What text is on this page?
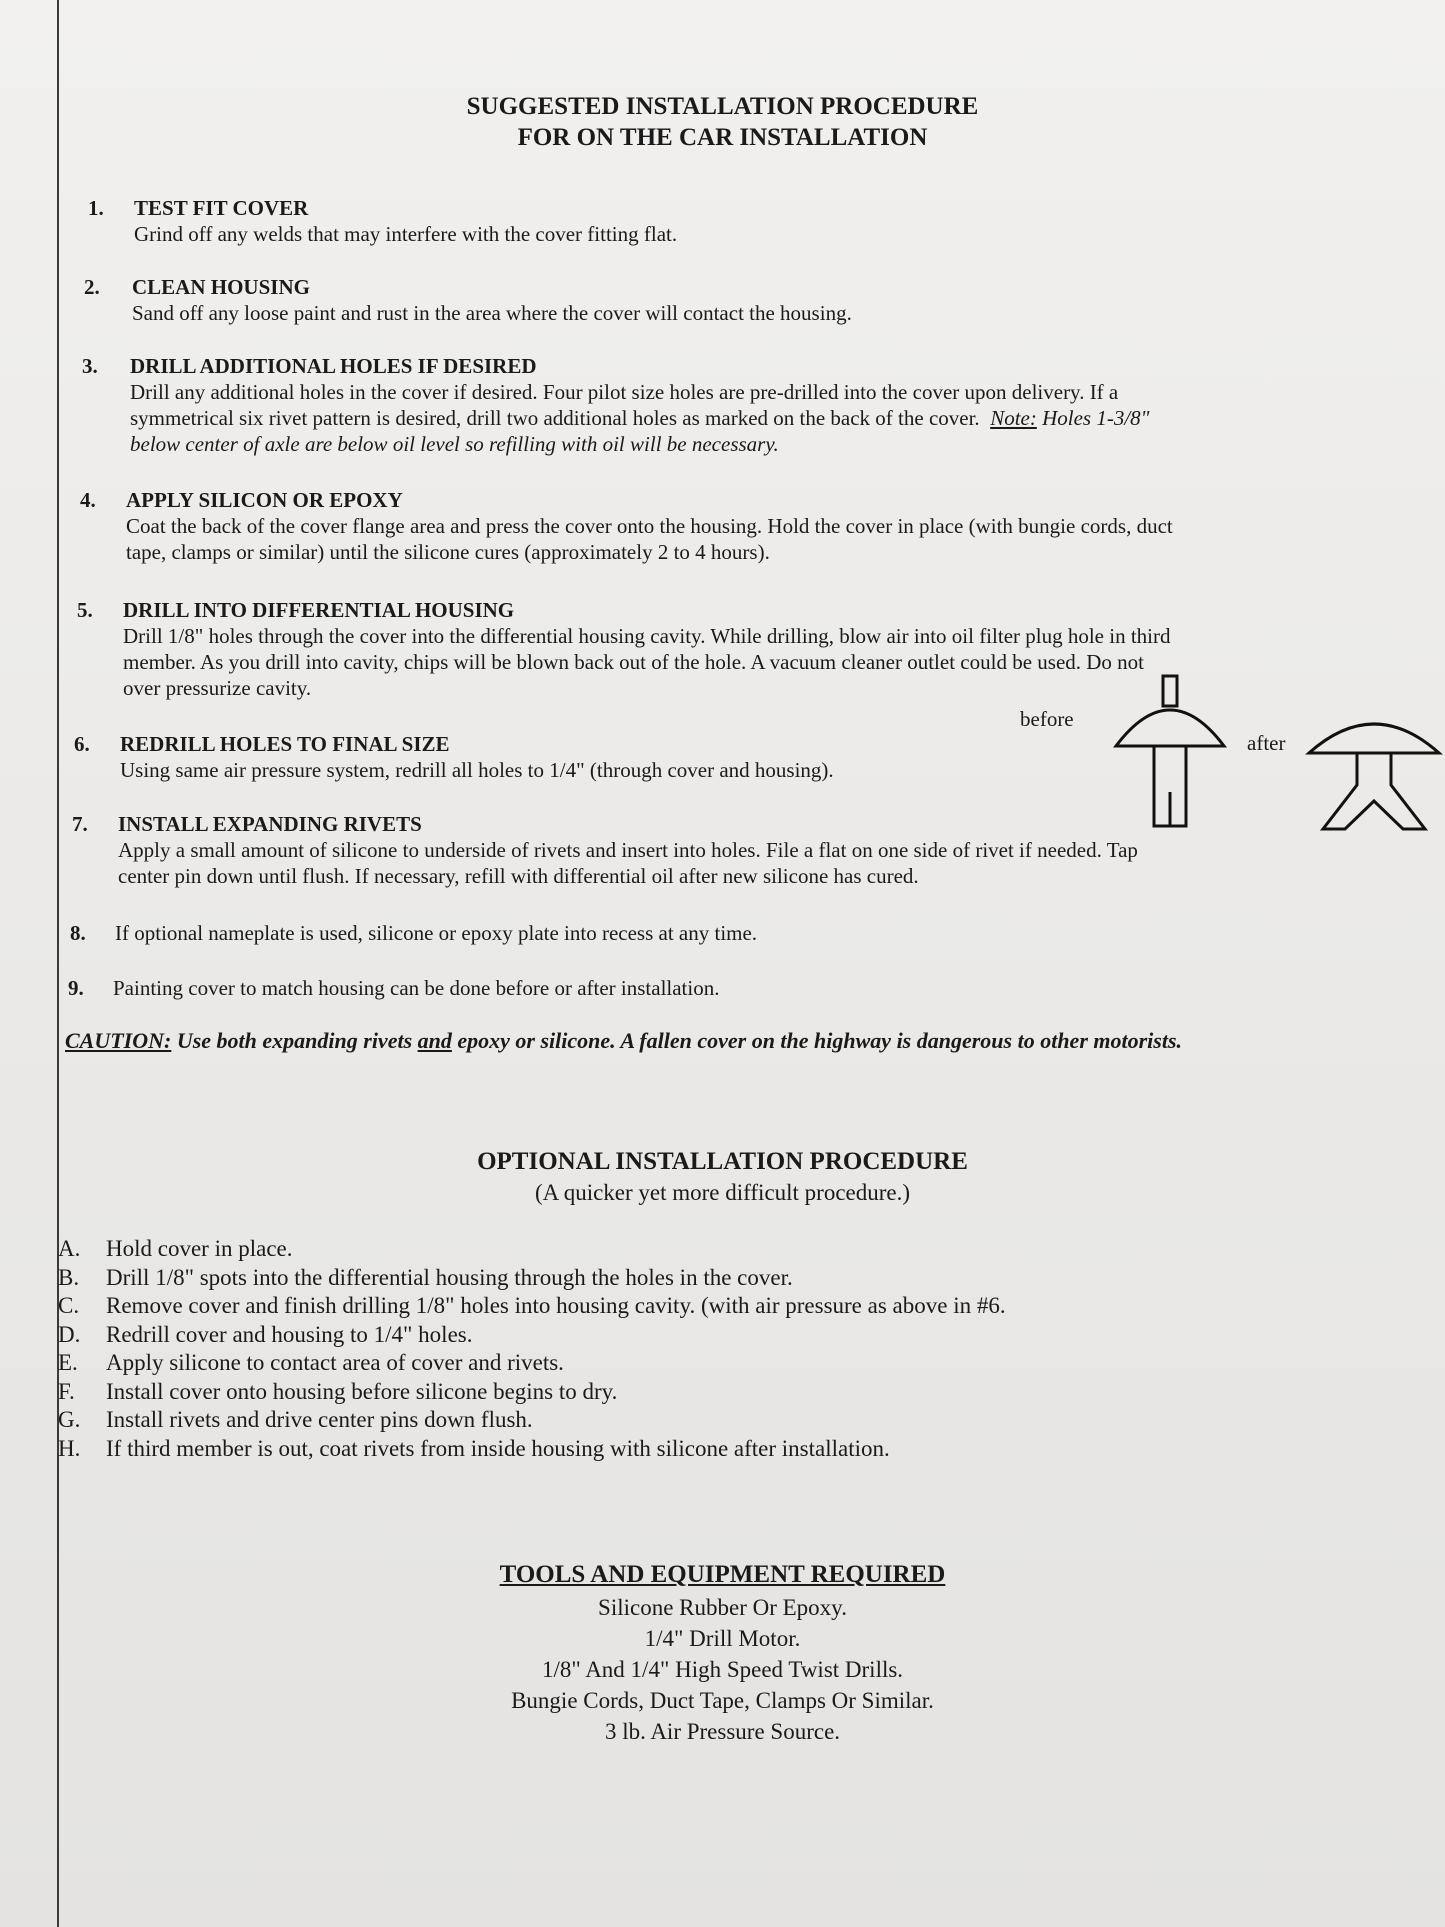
SUGGESTED INSTALLATION PROCEDURE
FOR ON THE CAR INSTALLATION
1. TEST FIT COVER
Grind off any welds that may interfere with the cover fitting flat.
2. CLEAN HOUSING
Sand off any loose paint and rust in the area where the cover will contact the housing.
3. DRILL ADDITIONAL HOLES IF DESIRED
Drill any additional holes in the cover if desired. Four pilot size holes are pre-drilled into the cover upon delivery. If a
symmetrical six rivet pattern is desired, drill two additional holes as marked on the back of the cover. Note: Holes 1-3/8"
below center of axle are below oil level so refilling with oil will be necessary.
4. APPLY SILICON OR EPOXY
Coat the back of the cover flange area and press the cover onto the housing. Hold the cover in place (with bungie cords, duct
tape, clamps or similar) until the silicone cures (approximately 2 to 4 hours).
5. DRILL INTO DIFFERENTIAL HOUSING
Drill 1/8" holes through the cover into the differential housing cavity. While drilling, blow air into oil filter plug hole in third
member. As you drill into cavity, chips will be blown back out of the hole. A vacuum cleaner outlet could be used. Do not
over pressurize cavity.
6. REDRILL HOLES TO FINAL SIZE
Using same air pressure system, redrill all holes to 1/4" (through cover and housing).
7. INSTALL EXPANDING RIVETS
Apply a small amount of silicone to underside of rivets and insert into holes. File a flat on one side of rivet if needed. Tap
center pin down until flush. If necessary, refill with differential oil after new silicone has cured.
8. If optional nameplate is used, silicone or epoxy plate into recess at any time.
9. Painting cover to match housing can be done before or after installation.
before
after
CAUTION: Use both expanding rivets and epoxy or silicone. A fallen cover on the highway is dangerous to other motorists.
OPTIONAL INSTALLATION PROCEDURE
(A quicker yet more difficult procedure.)
A. Hold cover in place.
B. Drill 1/8" spots into the differential housing through the holes in the cover.
C. Remove cover and finish drilling 1/8" holes into housing cavity. (with air pressure as above in #6.
D. Redrill cover and housing to 1/4" holes.
E. Apply silicone to contact area of cover and rivets.
F. Install cover onto housing before silicone begins to dry.
G. Install rivets and drive center pins down flush.
H. If third member is out, coat rivets from inside housing with silicone after installation.
TOOLS AND EQUIPMENT REQUIRED
Silicone Rubber Or Epoxy.
1/4" Drill Motor.
1/8" And 1/4" High Speed Twist Drills.
Bungie Cords, Duct Tape, Clamps Or Similar.
3 lb. Air Pressure Source.
